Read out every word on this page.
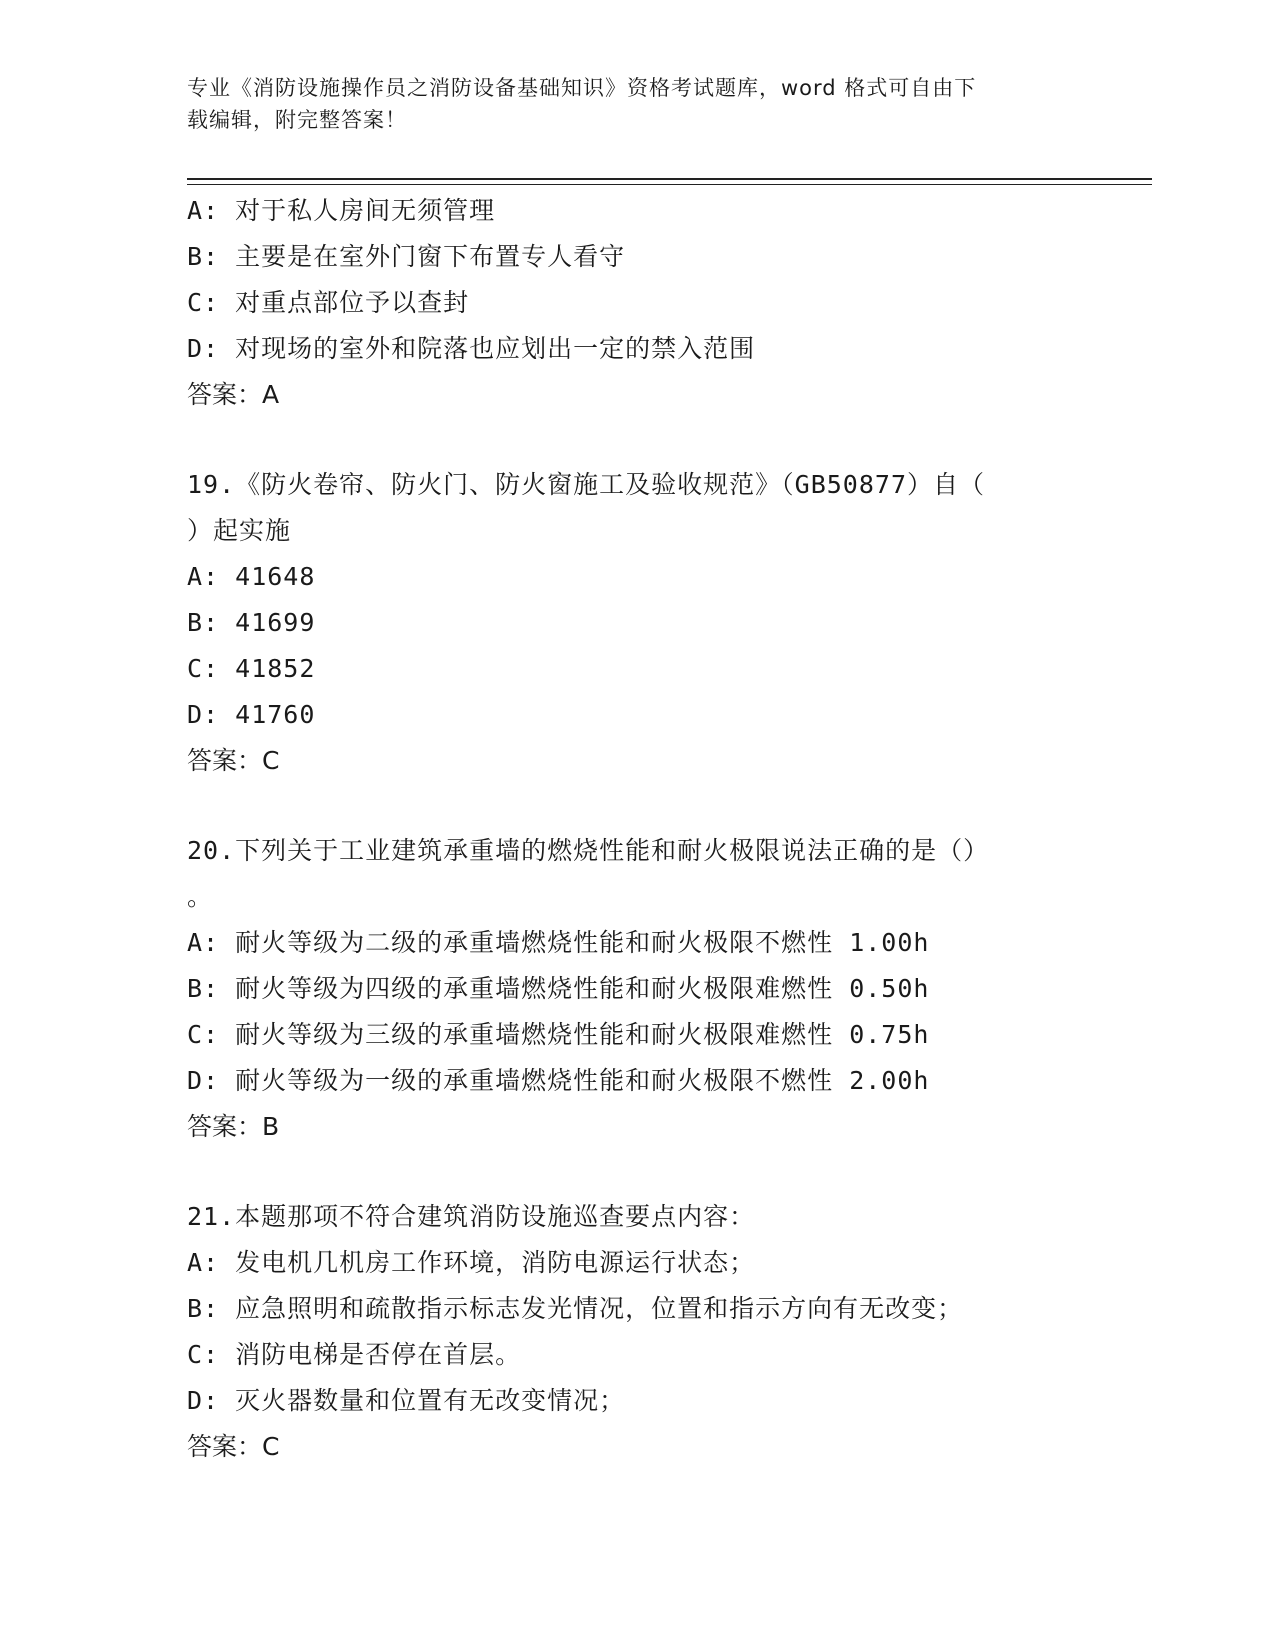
专业《消防设施操作员之消防设备基础知识》资格考试题库，word 格式可自由下
载编辑，附完整答案！
A: 对于私人房间无须管理
B: 主要是在室外门窗下布置专人看守
C: 对重点部位予以查封
D: 对现场的室外和院落也应划出一定的禁入范围
答案：A
19.《防火卷帘、防火门、防火窗施工及验收规范》（GB50877）自（
）起实施
A: 41648
B: 41699
C: 41852
D: 41760
答案：C
20.下列关于工业建筑承重墙的燃烧性能和耐火极限说法正确的是（）
。
A: 耐火等级为二级的承重墙燃烧性能和耐火极限不燃性 1.00h
B: 耐火等级为四级的承重墙燃烧性能和耐火极限难燃性 0.50h
C: 耐火等级为三级的承重墙燃烧性能和耐火极限难燃性 0.75h
D: 耐火等级为一级的承重墙燃烧性能和耐火极限不燃性 2.00h
答案：B
21.本题那项不符合建筑消防设施巡查要点内容：
A: 发电机几机房工作环境，消防电源运行状态；
B: 应急照明和疏散指示标志发光情况，位置和指示方向有无改变；
C: 消防电梯是否停在首层。
D: 灭火器数量和位置有无改变情况；
答案：C
